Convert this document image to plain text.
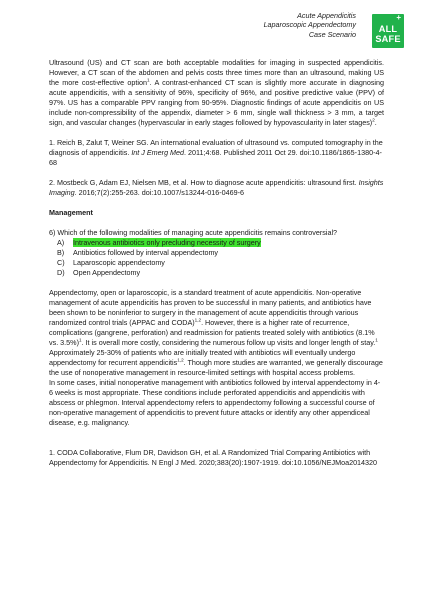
Acute Appendicitis
Laparoscopic Appendectomy
Case Scenario
+
ALL
SAFE

Ultrasound (US) and CT scan are both acceptable modalities for imaging in suspected appendicitis. However, a CT scan of the abdomen and pelvis costs three times more than an ultrasound, making US the more cost-effective option$^1$. A contrast-enhanced CT scan is slightly more accurate in diagnosing acute appendicitis, with a sensitivity of 96%, specificity of 96%, and positive predictive value (PPV) of 97%. US has a comparable PPV ranging from 90-95%. Diagnostic findings of acute appendicitis on US include non-compressibility of the appendix, diameter > 6 mm, single wall thickness > 3 mm, a target sign, and vascular changes (hypervascular in early stages followed by hypovascularity in later stages)$^2$.

1. Reich B, Zalut T, Weiner SG. An international evaluation of ultrasound vs. computed tomography in the diagnosis of appendicitis. Int J Emerg Med. 2011;4:68. Published 2011 Oct 29. doi:10.1186/1865-1380-4-68

2. Mostbeck G, Adam EJ, Nielsen MB, et al. How to diagnose acute appendicitis: ultrasound first. Insights Imaging. 2016;7(2):255-263. doi:10.1007/s13244-016-0469-6

Management

6) Which of the following modalities of managing acute appendicitis remains controversial?

A) Intravenous antibiotics only precluding necessity of surgery
B) Antibiotics followed by interval appendectomy
C) Laparoscopic appendectomy
D) Open Appendectomy

Appendectomy, open or laparoscopic, is a standard treatment of acute appendicitis. Non-operative management of acute appendicitis has proven to be successful in many patients, and antibiotics have been shown to be noninferior to surgery in the management of acute appendicitis through various randomized control trials (APPAC and CODA)$^{1,2}$. However, there is a higher rate of recurrence, complications (gangrene, perforation) and readmission for patients treated solely with antibiotics (8.1% vs. 3.5%)$^1$. It is overall more costly, considering the numerous follow up visits and longer length of stay.$^1$ Approximately 25-30% of patients who are initially treated with antibiotics will eventually undergo appendectomy for recurrent appendicitis$^{1,2}$. Though more studies are warranted, we generally discourage the use of nonoperative management in resource-limited settings with hospital access problems.

In some cases, initial nonoperative management with antibiotics followed by interval appendectomy in 4-6 weeks is most appropriate. These conditions include perforated appendicitis and appendicitis with abscess or phlegmon. Interval appendectomy refers to appendectomy following a successful course of non-operative management of appendicitis to prevent future attacks or identify any other appendiceal disease, e.g. malignancy.

1. CODA Collaborative, Flum DR, Davidson GH, et al. A Randomized Trial Comparing Antibiotics with Appendectomy for Appendicitis. N Engl J Med. 2020;383(20):1907-1919. doi:10.1056/NEJMoa2014320
